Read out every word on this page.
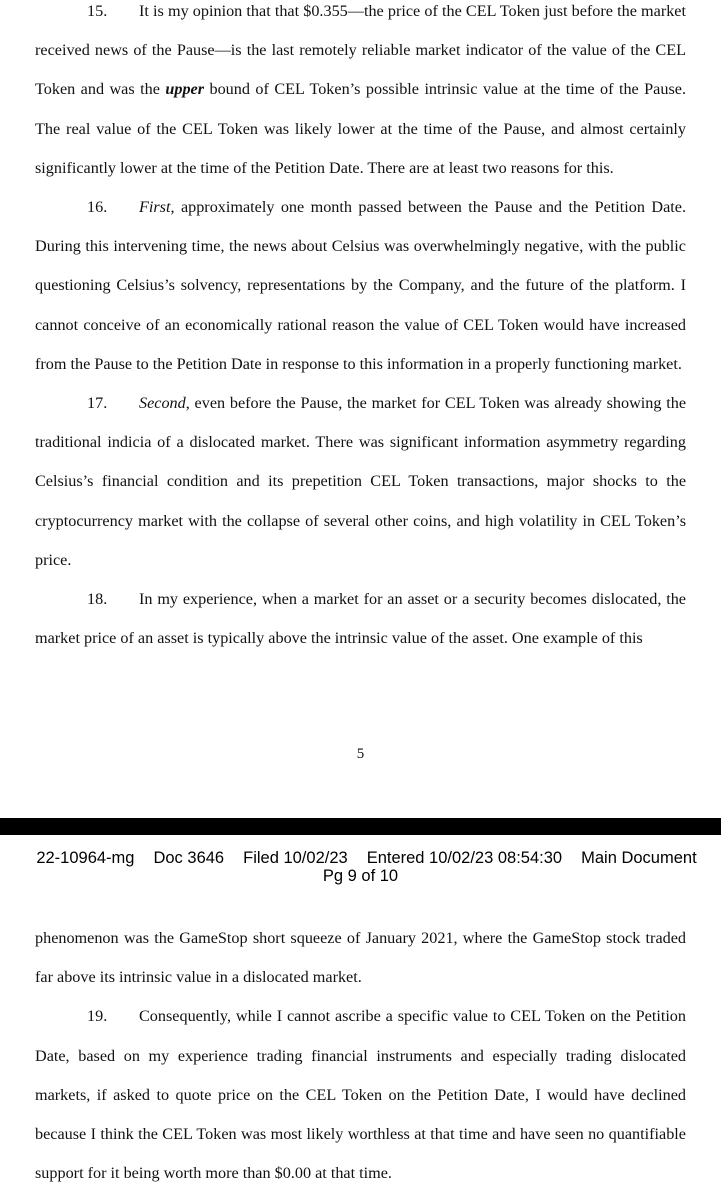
15. It is my opinion that that $0.355—the price of the CEL Token just before the market received news of the Pause—is the last remotely reliable market indicator of the value of the CEL Token and was the upper bound of CEL Token’s possible intrinsic value at the time of the Pause. The real value of the CEL Token was likely lower at the time of the Pause, and almost certainly significantly lower at the time of the Petition Date. There are at least two reasons for this.

16. First, approximately one month passed between the Pause and the Petition Date. During this intervening time, the news about Celsius was overwhelmingly negative, with the public questioning Celsius’s solvency, representations by the Company, and the future of the platform. I cannot conceive of an economically rational reason the value of CEL Token would have increased from the Pause to the Petition Date in response to this information in a properly functioning market.

17. Second, even before the Pause, the market for CEL Token was already showing the traditional indicia of a dislocated market. There was significant information asymmetry regarding Celsius’s financial condition and its prepetition CEL Token transactions, major shocks to the cryptocurrency market with the collapse of several other coins, and high volatility in CEL Token’s price.

18. In my experience, when a market for an asset or a security becomes dislocated, the market price of an asset is typically above the intrinsic value of the asset. One example of this

5
22-10964-mg Doc 3646 Filed 10/02/23 Entered 10/02/23 08:54:30 Main Document
Pg 9 of 10

phenomenon was the GameStop short squeeze of January 2021, where the GameStop stock traded far above its intrinsic value in a dislocated market.

19. Consequently, while I cannot ascribe a specific value to CEL Token on the Petition Date, based on my experience trading financial instruments and especially trading dislocated markets, if asked to quote price on the CEL Token on the Petition Date, I would have declined because I think the CEL Token was most likely worthless at that time and have seen no quantifiable support for it being worth more than $0.00 at that time.
